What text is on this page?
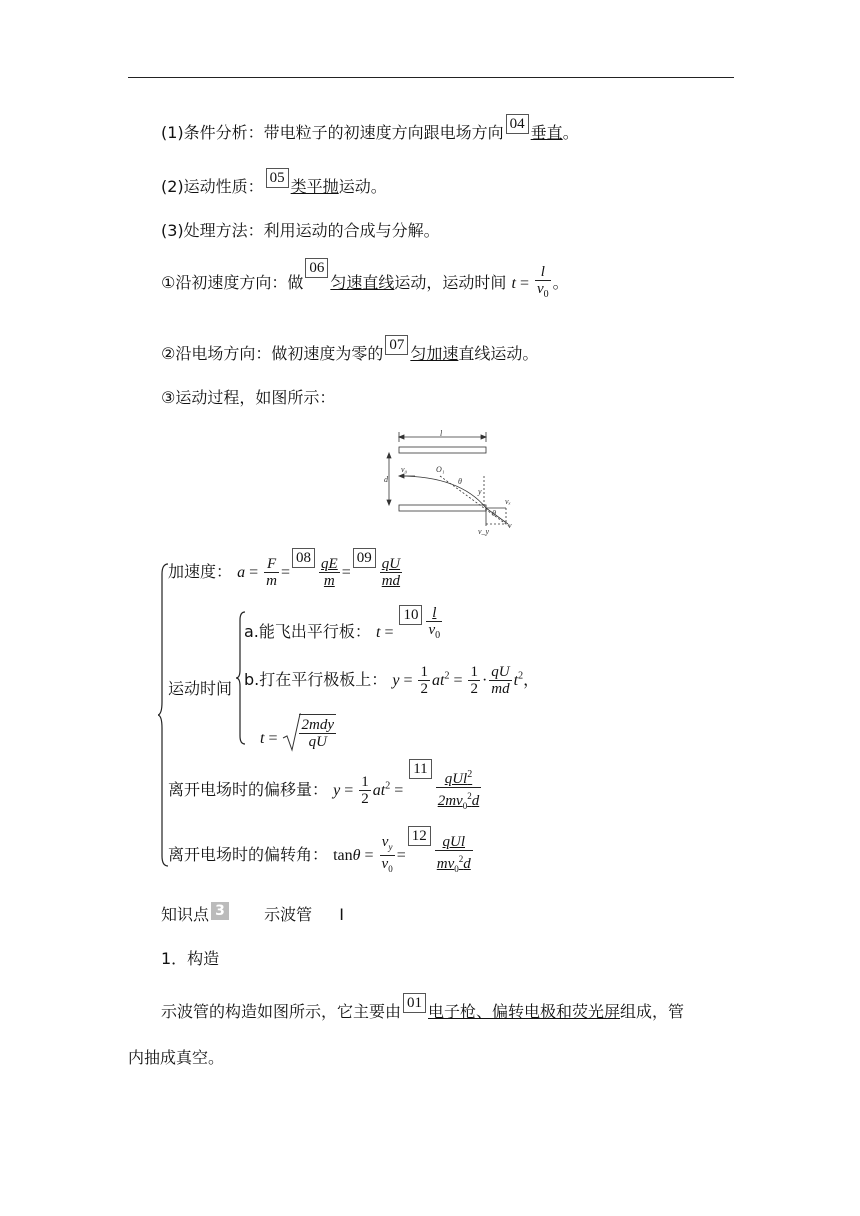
(1)条件分析：带电粒子的初速度方向跟电场方向 04 垂直。
(2)运动性质： 05 类平抛运动。
(3)处理方法：利用运动的合成与分解。
①沿初速度方向：做06匀速直线运动，运动时间 $t = \frac{l}{v_0}$ 。
②沿电场方向：做初速度为零的 07 匀加速直线运动。
③运动过程，如图所示：
l
d
v₀	O₁
θ
y
vₓ
v_y
v
θ
加速度： $a = \frac{F}{m} =08 \frac{qE}{m} =09 \frac{qU}{md}$
运动时间
a.能飞出平行板： $t = 10 \frac{l}{v_0}$
b.打在平行极板上： $y = \frac{1}{2} at^2 = \frac{1}{2} \cdot \frac{qU}{md} t^2$，
$t = \frac{\text{2mdy}}{qU}$
离开电场时的偏移量： $y = \frac{1}{2} at^2 = 11 \frac{qUl^2}{2mv_0^2d}$
离开电场时的偏转角： $\tan\theta = \frac{v_y}{v_0} =12 \frac{\text{qUl}}{mv_0^2d}$
知识点 3 示波管 Ⅰ
1．构造
示波管的构造如图所示，它主要由 01 电子枪、偏转电极和荧光屏组成，管
内抽成真空。
